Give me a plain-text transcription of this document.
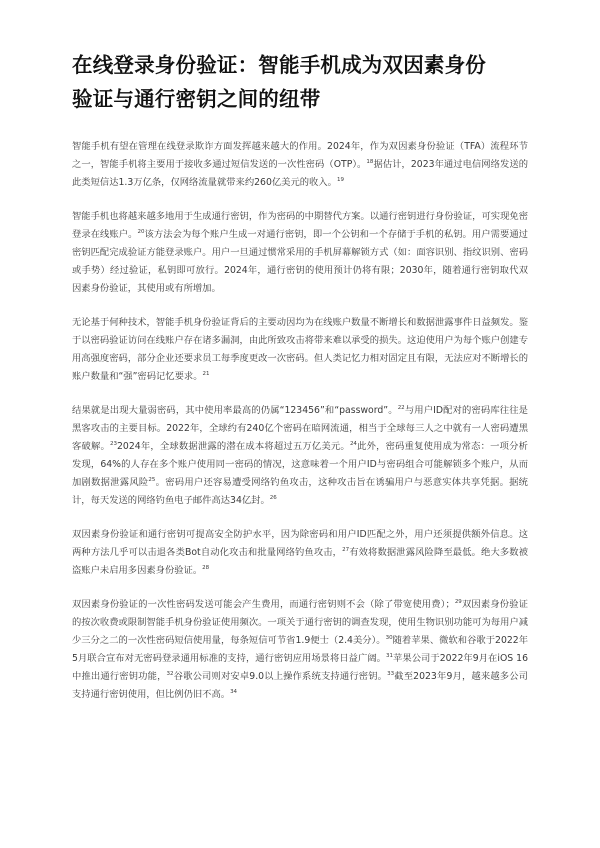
在线登录身份验证：智能手机成为双因素身份
验证与通行密钥之间的纽带

智能手机有望在管理在线登录欺诈方面发挥越来越大的作用。2024年，作为双因素身份验证（TFA）流程环节之一，智能手机将主要用于接收多通过短信发送的一次性密码（OTP）。$^{18}$据估计，2023年通过电信网络发送的此类短信达1.3万亿条，仅网络流量就带来约260亿美元的收入。$^{19}$

智能手机也将越来越多地用于生成通行密钥，作为密码的中期替代方案。以通行密钥进行身份验证，可实现免密登录在线账户。$^{20}$该方法会为每个账户生成一对通行密钥，即一个公钥和一个存储于手机的私钥。用户需要通过密钥匹配完成验证方能登录账户。用户一旦通过惯常采用的手机屏幕解锁方式（如：面容识别、指纹识别、密码或手势）经过验证，私钥即可放行。2024年，通行密钥的使用预计仍将有限；2030年，随着通行密钥取代双因素身份验证，其使用或有所增加。

无论基于何种技术，智能手机身份验证背后的主要动因均为在线账户数量不断增长和数据泄露事件日益频发。鉴于以密码验证访问在线账户存在诸多漏洞，由此所致攻击将带来难以承受的损失。这迫使用户为每个账户创建专用高强度密码，部分企业还要求员工每季度更改一次密码。但人类记忆力相对固定且有限，无法应对不断增长的账户数量和“强”密码记忆要求。$^{21}$

结果就是出现大量弱密码，其中使用率最高的仍属“123456”和“password”。$^{22}$与用户ID配对的密码库往往是黑客攻击的主要目标。2022年，全球约有240亿个密码在暗网流通，相当于全球每三人之中就有一人密码遭黑客破解。$^{23}$2024年，全球数据泄露的潜在成本将超过五万亿美元。$^{24}$此外，密码重复使用成为常态：一项分析发现，64%的人存在多个账户使用同一密码的情况，这意味着一个用户ID与密码组合可能解锁多个账户，从而加剧数据泄露风险$^{25}$。密码用户还容易遭受网络钓鱼攻击，这种攻击旨在诱骗用户与恶意实体共享凭据。据统计，每天发送的网络钓鱼电子邮件高达34亿封。$^{26}$

双因素身份验证和通行密钥可提高安全防护水平，因为除密码和用户ID匹配之外，用户还须提供额外信息。这两种方法几乎可以击退各类Bot自动化攻击和批量网络钓鱼攻击，$^{27}$有效将数据泄露风险降至最低。绝大多数被盗账户未启用多因素身份验证。$^{28}$

双因素身份验证的一次性密码发送可能会产生费用，而通行密钥则不会（除了带宽使用费）；$^{29}$双因素身份验证的按次收费或限制智能手机身份验证使用频次。一项关于通行密钥的调查发现，使用生物识别功能可为每用户减少三分之二的一次性密码短信使用量，每条短信可节省1.9便士（2.4美分）。$^{30}$随着苹果、微软和谷歌于2022年5月联合宣布对无密码登录通用标准的支持，通行密钥应用场景将日益广阔。$^{31}$苹果公司于2022年9月在iOS 16中推出通行密钥功能，$^{32}$谷歌公司则对安卓9.0以上操作系统支持通行密钥。$^{33}$截至2023年9月，越来越多公司支持通行密钥使用，但比例仍旧不高。$^{34}$
